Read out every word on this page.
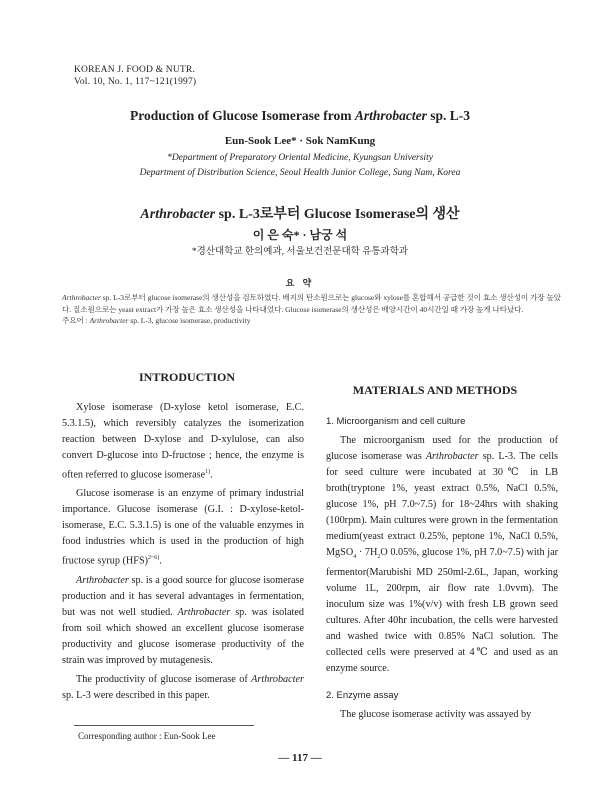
KOREAN J. FOOD & NUTR.
Vol. 10, No. 1, 117~121(1997)
Production of Glucose Isomerase from Arthrobacter sp. L-3
Eun-Sook Lee* · Sok NamKung
*Department of Preparatory Oriental Medicine, Kyungsan University
Department of Distribution Science, Seoul Health Junior College, Sung Nam, Korea
Arthrobacter sp. L-3로부터 Glucose Isomerase의 생산
이 은 숙* · 남궁 석
*경산대학교 한의예과, 서울보건전문대학 유통과학과
요 약

Arthrobacter sp. L-3로부터 glucose isomerase의 생산성을 검토하였다. 배지의 탄소원으로는 glucose와 xylose를 혼합해서 공급한 것이 효소 생산성이 가장 높았다. 질소원으로는 yeast extract가 가장 높은 효소 생산성을 나타내었다. Glucose isomerase의 생산성은 배양시간이 40시간일 때 가장 높게 나타났다.

주요어 : Arthrobacter sp. L-3, glucose isomerase, productivity

INTRODUCTION
MATERIALS AND METHODS

Xylose isomerase (D-xylose ketol isomerase, E.C. 5.3.1.5), which reversibly catalyzes the isomerization reaction between D-xylose and D-xylulose, can also convert D-glucose into D-fructose ; hence, the enzyme is often referred to glucose isomerase$^{1)}$.

Glucose isomerase is an enzyme of primary industrial importance. Glucose isomerase (G.I. : D-xylose-ketol-isomerase, E.C. 5.3.1.5) is one of the valuable enzymes in food industries which is used in the production of high fructose syrup (HFS)$^{2\sim 6)}$.

Arthrobacter sp. is a good source for glucose isomerase production and it has several advantages in fermentation, but was not well studied. Arthrobacter sp. was isolated from soil which showed an excellent glucose isomerase productivity and glucose isomerase productivity of the strain was improved by mutagenesis.

The productivity of glucose isomerase of Arthrobacter sp. L-3 were described in this paper.

1. Microorganism and cell culture

The microorganism used for the production of glucose isomerase was Arthrobacter sp. L-3. The cells for seed culture were incubated at 30℃ in LB broth(tryptone 1%, yeast extract 0.5%, NaCl 0.5%, glucose 1%, pH 7.0~7.5) for 18~24hrs with shaking (100rpm). Main cultures were grown in the fermentation medium(yeast extract 0.25%, peptone 1%, NaCl 0.5%, MgSO$_4$ · $7H_2O$ 0.05%, glucose 1%, pH 7.0~7.5) with jar fermentor(Marubishi MD 250ml-2.6L, Japan, working volume 1L, 200rpm, air flow rate 1.0vvm). The inoculum size was 1%(v/v) with fresh LB grown seed cultures. After 40hr incubation, the cells were harvested and washed twice with 0.85% NaCl solution. The collected cells were preserved at 4℃ and used as an enzyme source.

2. Enzyme assay

The glucose isomerase activity was assayed by

Corresponding author : Eun-Sook Lee
— 117 —
